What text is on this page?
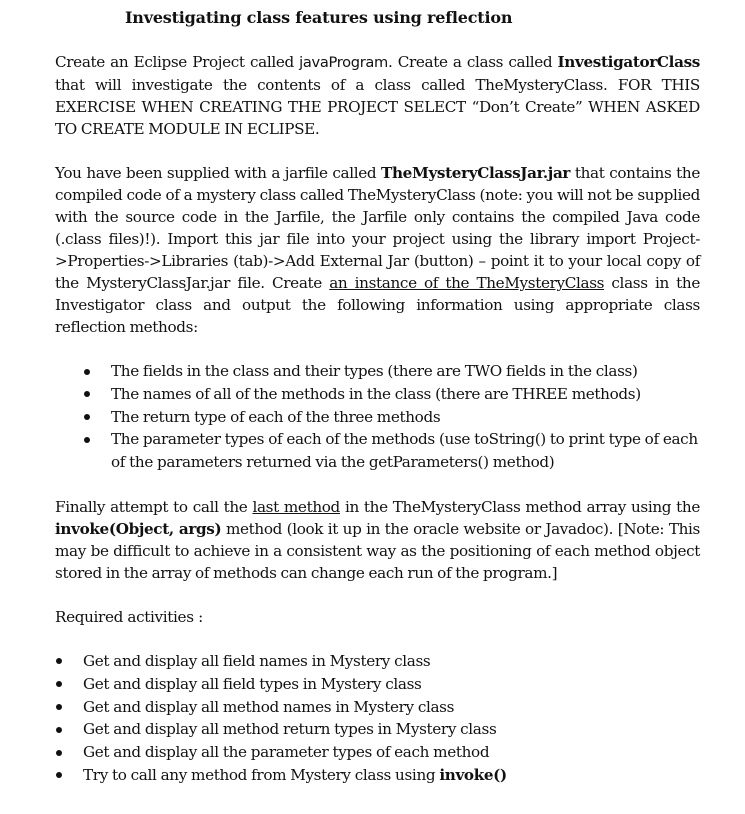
Investigating class features using reflection

Create an Eclipse Project called javaProgram. Create a class called InvestigatorClass that will investigate the contents of a class called TheMysteryClass. FOR THIS EXERCISE WHEN CREATING THE PROJECT SELECT “Don’t Create” WHEN ASKED TO CREATE MODULE IN ECLIPSE.

You have been supplied with a jarfile called TheMysteryClassJar.jar that contains the compiled code of a mystery class called TheMysteryClass (note: you will not be supplied with the source code in the Jarfile, the Jarfile only contains the compiled Java code (.class files)!). Import this jar file into your project using the library import Project->Properties->Libraries (tab)->Add External Jar (button) – point it to your local copy of the MysteryClassJar.jar file. Create an instance of the TheMysteryClass class in the Investigator class and output the following information using appropriate class reflection methods:

The fields in the class and their types (there are TWO fields in the class)
The names of all of the methods in the class (there are THREE methods)
The return type of each of the three methods
The parameter types of each of the methods (use toString() to print type of each of the parameters returned via the getParameters() method)

Finally attempt to call the last method in the TheMysteryClass method array using the invoke(Object, args) method (look it up in the oracle website or Javadoc). [Note: This may be difficult to achieve in a consistent way as the positioning of each method object stored in the array of methods can change each run of the program.]

Required activities :
Get and display all field names in Mystery class
Get and display all field types in Mystery class
Get and display all method names in Mystery class
Get and display all method return types in Mystery class
Get and display all the parameter types of each method
Try to call any method from Mystery class using invoke()
